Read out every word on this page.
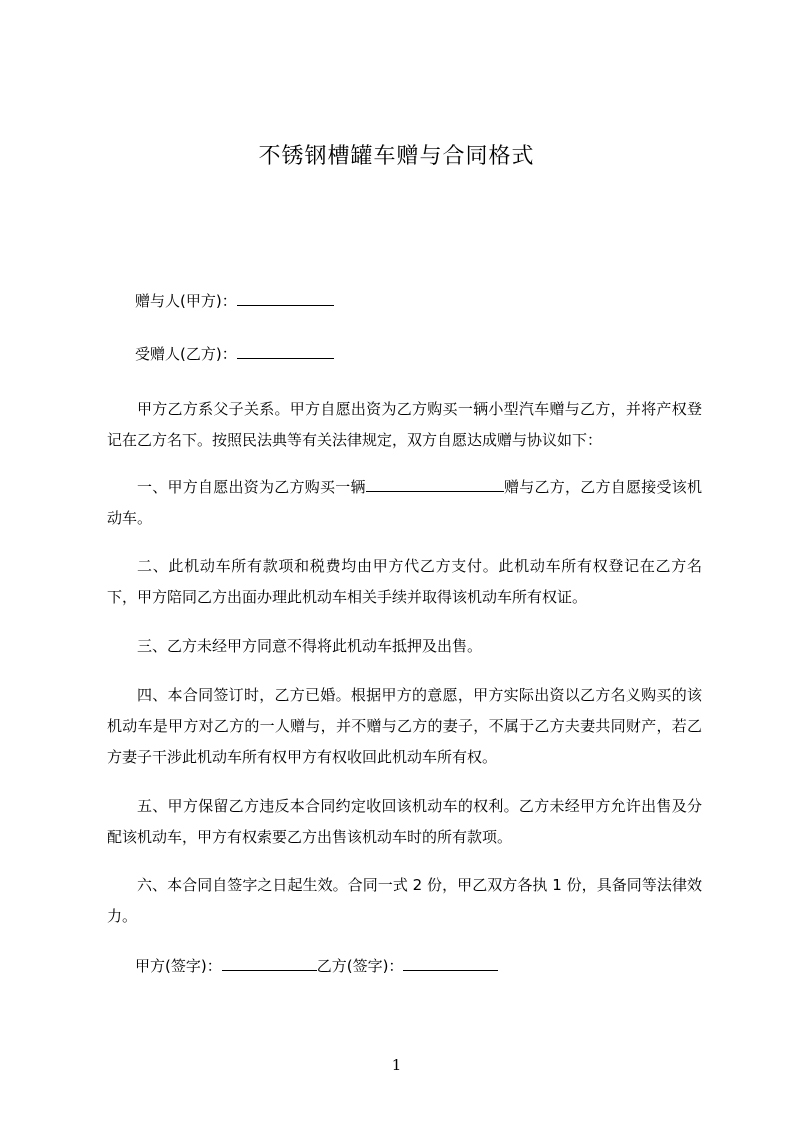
不锈钢槽罐车赠与合同格式
赠与人(甲方)：
受赠人(乙方)：
甲方乙方系父子关系。甲方自愿出资为乙方购买一辆小型汽车赠与乙方，并将产权登记在乙方名下。按照民法典等有关法律规定，双方自愿达成赠与协议如下：
一、甲方自愿出资为乙方购买一辆	赠与乙方，乙方自愿接受该机动车。
二、此机动车所有款项和税费均由甲方代乙方支付。此机动车所有权登记在乙方名下，甲方陪同乙方出面办理此机动车相关手续并取得该机动车所有权证。
三、乙方未经甲方同意不得将此机动车抵押及出售。
四、本合同签订时，乙方已婚。根据甲方的意愿，甲方实际出资以乙方名义购买的该机动车是甲方对乙方的一人赠与，并不赠与乙方的妻子，不属于乙方夫妻共同财产，若乙方妻子干涉此机动车所有权甲方有权收回此机动车所有权。
五、甲方保留乙方违反本合同约定收回该机动车的权利。乙方未经甲方允许出售及分配该机动车，甲方有权索要乙方出售该机动车时的所有款项。
六、本合同自签字之日起生效。合同一式 2 份，甲乙双方各执 1 份，具备同等法律效力。
甲方(签字)：	乙方(签字)：
1
